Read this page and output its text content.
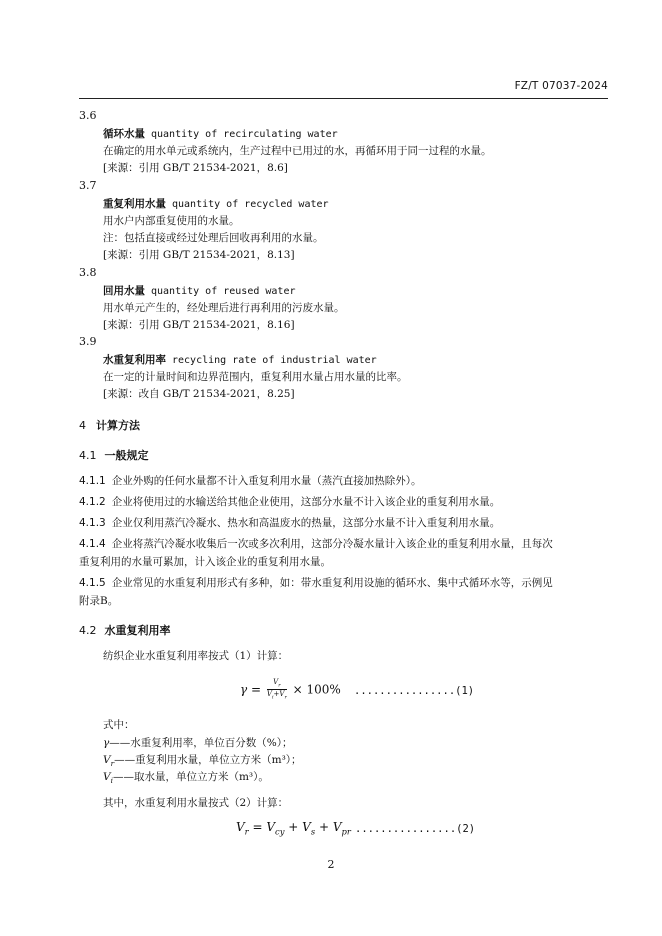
FZ/T 07037-2024
3.6
循环水量 quantity of recirculating water
在确定的用水单元或系统内，生产过程中已用过的水，再循环用于同一过程的水量。
[来源：引用 GB/T 21534-2021，8.6]
3.7
重复利用水量 quantity of recycled water
用水户内部重复使用的水量。
注：包括直接或经过处理后回收再利用的水量。
[来源：引用 GB/T 21534-2021，8.13]
3.8
回用水量 quantity of reused water
用水单元产生的，经处理后进行再利用的污废水量。
[来源：引用 GB/T 21534-2021，8.16]
3.9
水重复利用率 recycling rate of industrial water
在一定的计量时间和边界范围内，重复利用水量占用水量的比率。
[来源：改自 GB/T 21534-2021，8.25]
4 计算方法
4.1 一般规定
4.1.1 企业外购的任何水量都不计入重复利用水量（蒸汽直接加热除外）。
4.1.2 企业将使用过的水输送给其他企业使用，这部分水量不计入该企业的重复利用水量。
4.1.3 企业仅利用蒸汽冷凝水、热水和高温废水的热量，这部分水量不计入重复利用水量。
4.1.4 企业将蒸汽冷凝水收集后一次或多次利用，这部分冷凝水量计入该企业的重复利用水量，且每次
重复利用的水量可累加，计入该企业的重复利用水量。
4.1.5 企业常见的水重复利用形式有多种，如：带水重复利用设施的循环水、集中式循环水等，示例见
附录B。
4.2 水重复利用率
纺织企业水重复利用率按式（1）计算：
$\gamma = \frac{V_r}{V_i+V_r} \times 100\%$ ................(1)
式中：
γ——水重复利用率，单位百分数（%）；
$V_r——$重复利用水量，单位立方米（m³）；
$V_i——$取水量，单位立方米（m³）。
其中，水重复利用水量按式（2）计算：
$V_r = V_{cy} + V_s + V_{pr}$ ................(2)
2
